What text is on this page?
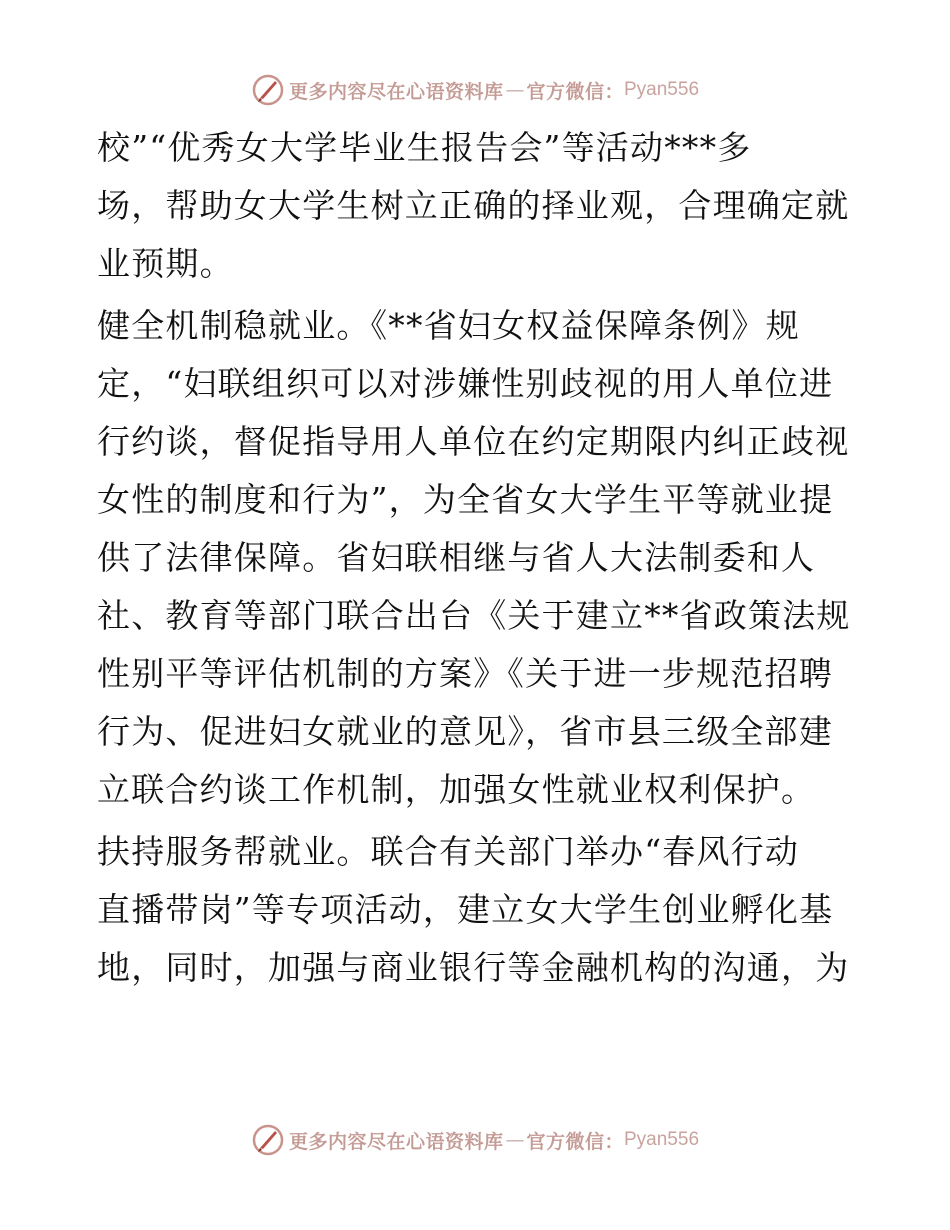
更多内容尽在心语资料库 — 官方微信： Pyan556
校”“优秀女大学毕业生报告会”等活动***多
场，帮助女大学生树立正确的择业观，合理确定就
业预期。
健全机制稳就业。《**省妇女权益保障条例》规
定，“妇联组织可以对涉嫌性别歧视的用人单位进
行约谈，督促指导用人单位在约定期限内纠正歧视
女性的制度和行为”，为全省女大学生平等就业提
供了法律保障。省妇联相继与省人大法制委和人
社、教育等部门联合出台《关于建立**省政策法规
性别平等评估机制的方案》《关于进一步规范招聘
行为、促进妇女就业的意见》，省市县三级全部建
立联合约谈工作机制，加强女性就业权利保护。
扶持服务帮就业。联合有关部门举办“春风行动
直播带岗”等专项活动，建立女大学生创业孵化基
地，同时，加强与商业银行等金融机构的沟通，为
更多内容尽在心语资料库 — 官方微信： Pyan556
